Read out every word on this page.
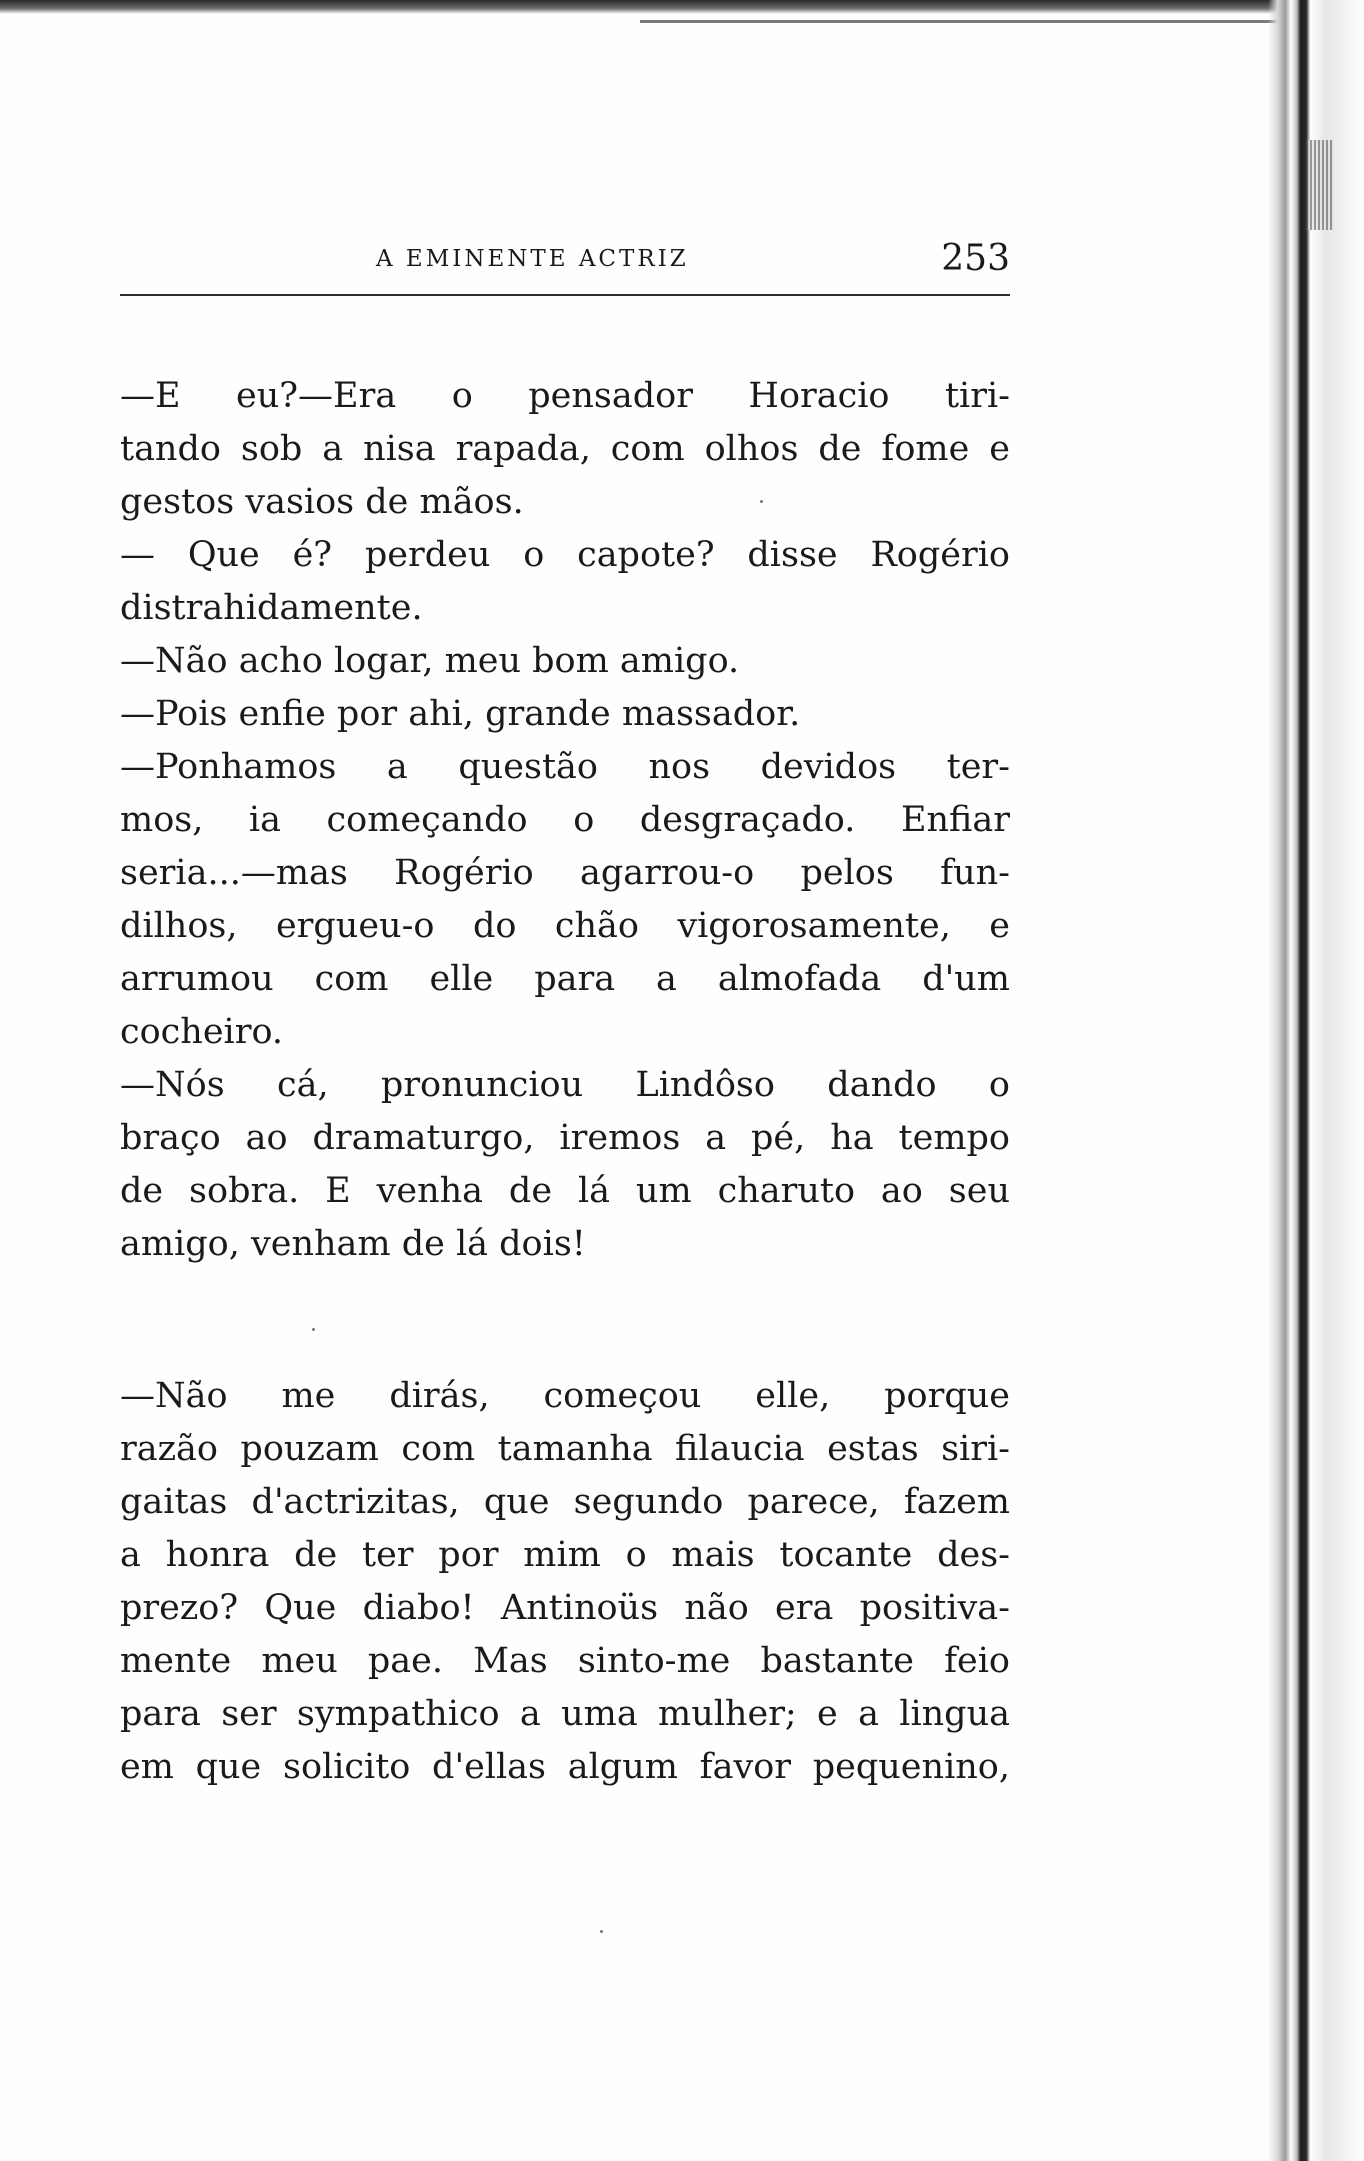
A EMINENTE ACTRIZ	253
—E eu?—Era o pensador Horacio tiri-
tando sob a nisa rapada, com olhos de fome e
gestos vasios de mãos.
— Que é? perdeu o capote? disse Rogério
distrahidamente.
—Não acho logar, meu bom amigo.
—Pois enfie por ahi, grande massador.
—Ponhamos a questão nos devidos ter-
mos, ia começando o desgraçado. Enfiar
seria...—mas Rogério agarrou-o pelos fun-
dilhos, ergueu-o do chão vigorosamente, e
arrumou com elle para a almofada d'um
cocheiro.
—Nós cá, pronunciou Lindôso dando o
braço ao dramaturgo, iremos a pé, ha tempo
de sobra. E venha de lá um charuto ao seu
amigo, venham de lá dois!
—Não me dirás, começou elle, porque
razão pouzam com tamanha filaucia estas siri-
gaitas d'actrizitas, que segundo parece, fazem
a honra de ter por mim o mais tocante des-
prezo? Que diabo! Antinoüs não era positiva-
mente meu pae. Mas sinto-me bastante feio
para ser sympathico a uma mulher; e a lingua
em que solicito d'ellas algum favor pequenino,
